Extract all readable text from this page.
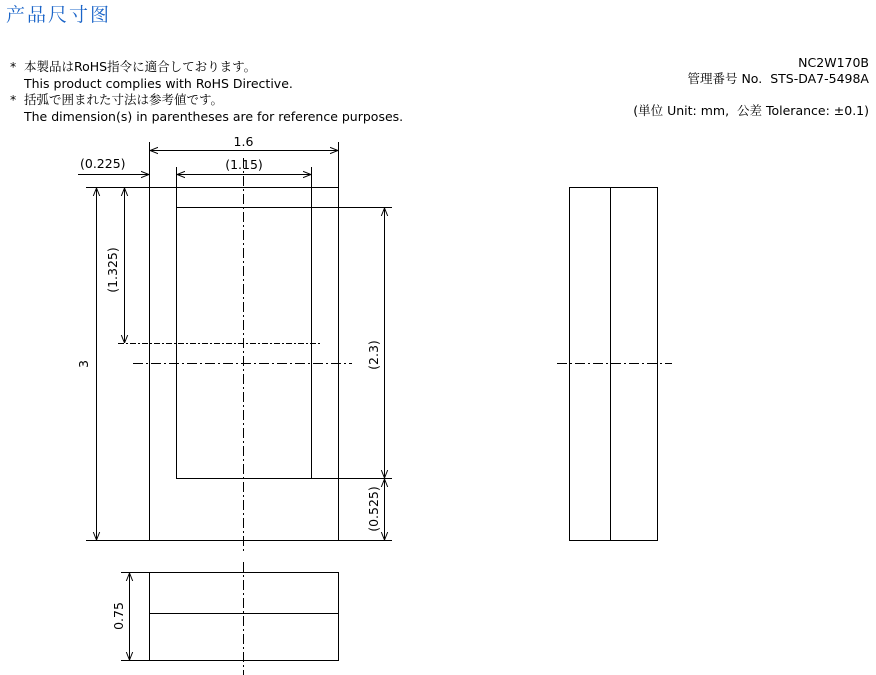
产品尺寸图
* 本製品はRoHS指令に適合しております。
This product complies with RoHS Directive.
* 括弧で囲まれた寸法は参考値です。
The dimension(s) in parentheses are for reference purposes.
NC2W170B
管理番号 No. STS-DA7-5498A
(単位 Unit: mm,  公差 Tolerance: ±0.1)
1.6
(1.15)
(0.225)
3
(1.325)
(2.3)
(0.525)
0.75
